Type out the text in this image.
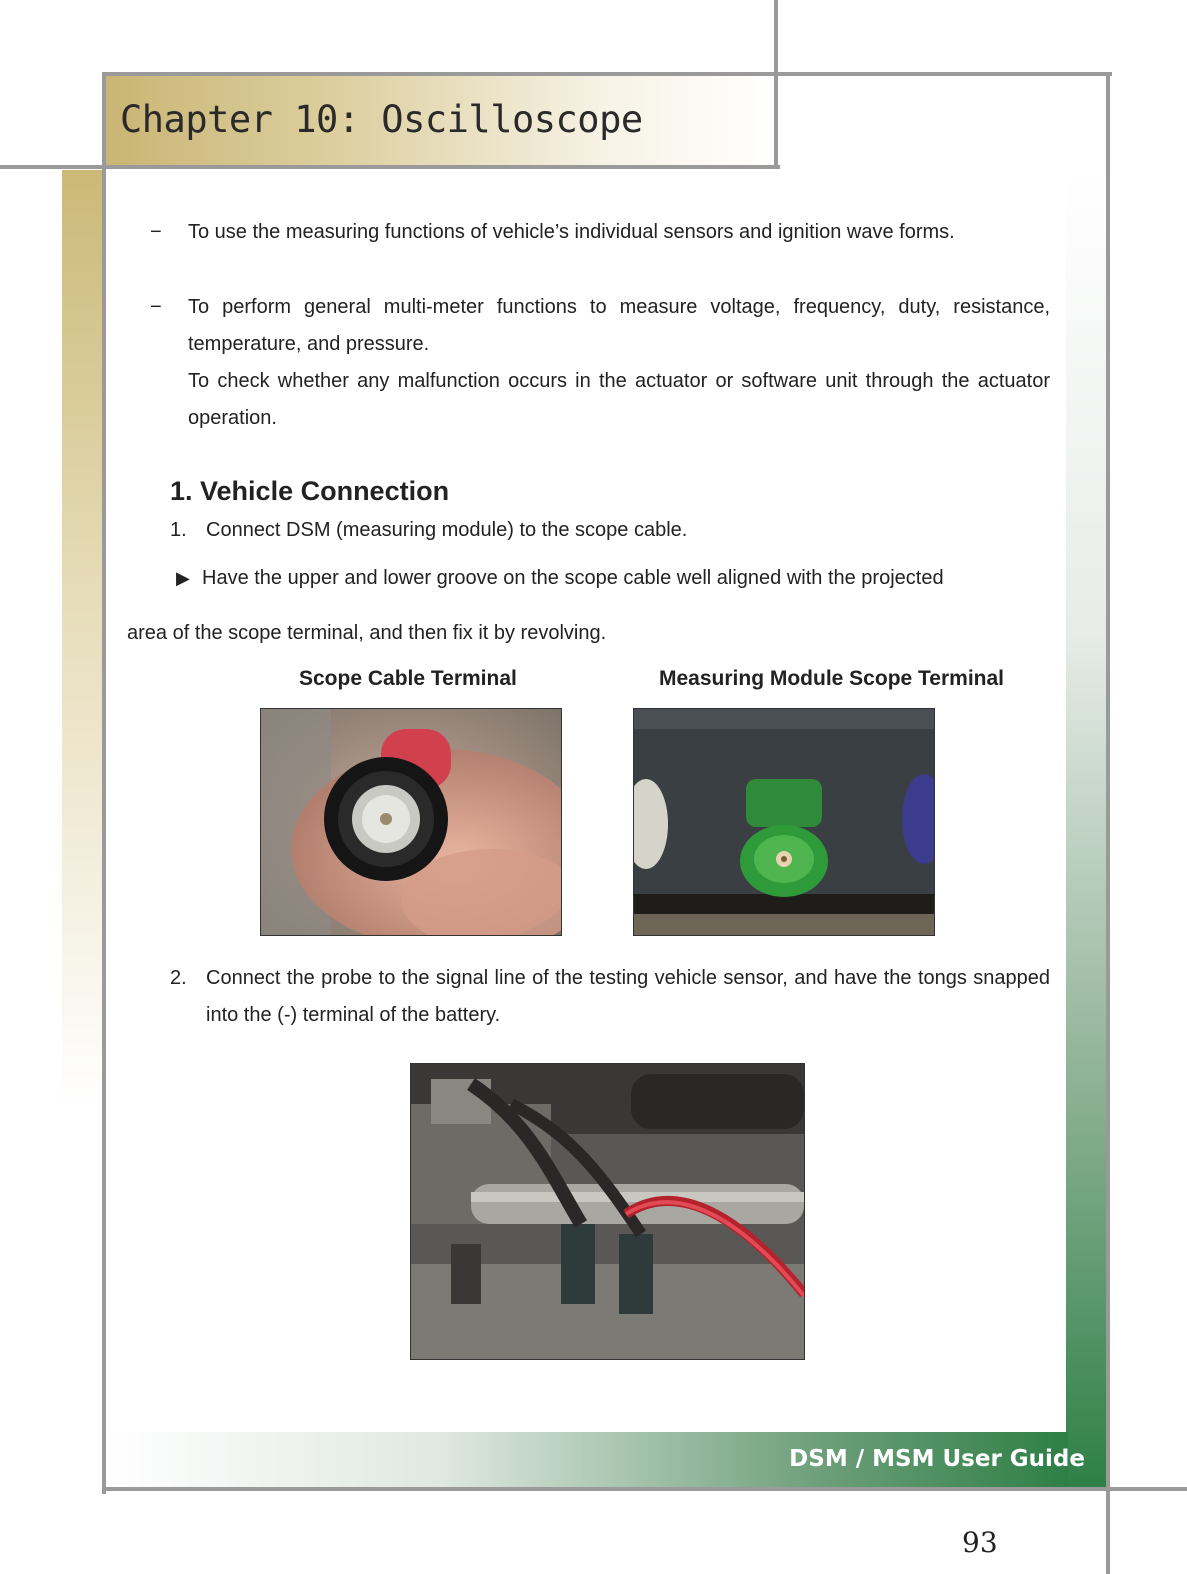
Chapter 10: Oscilloscope
− To use the measuring functions of vehicle’s individual sensors and ignition wave forms.

− To perform general multi-meter functions to measure voltage, frequency, duty, resistance, temperature, and pressure.

To check whether any malfunction occurs in the actuator or software unit through the actuator operation.

1. Vehicle Connection
1. Connect DSM (measuring module) to the scope cable.

▶ Have the upper and lower groove on the scope cable well aligned with the projected

area of the scope terminal, and then fix it by revolving.

Scope Cable Terminal	Measuring Module Scope Terminal
2. Connect the probe to the signal line of the testing vehicle sensor, and have the tongs snapped into the (-) terminal of the battery.

DSM / MSM User Guide
93
